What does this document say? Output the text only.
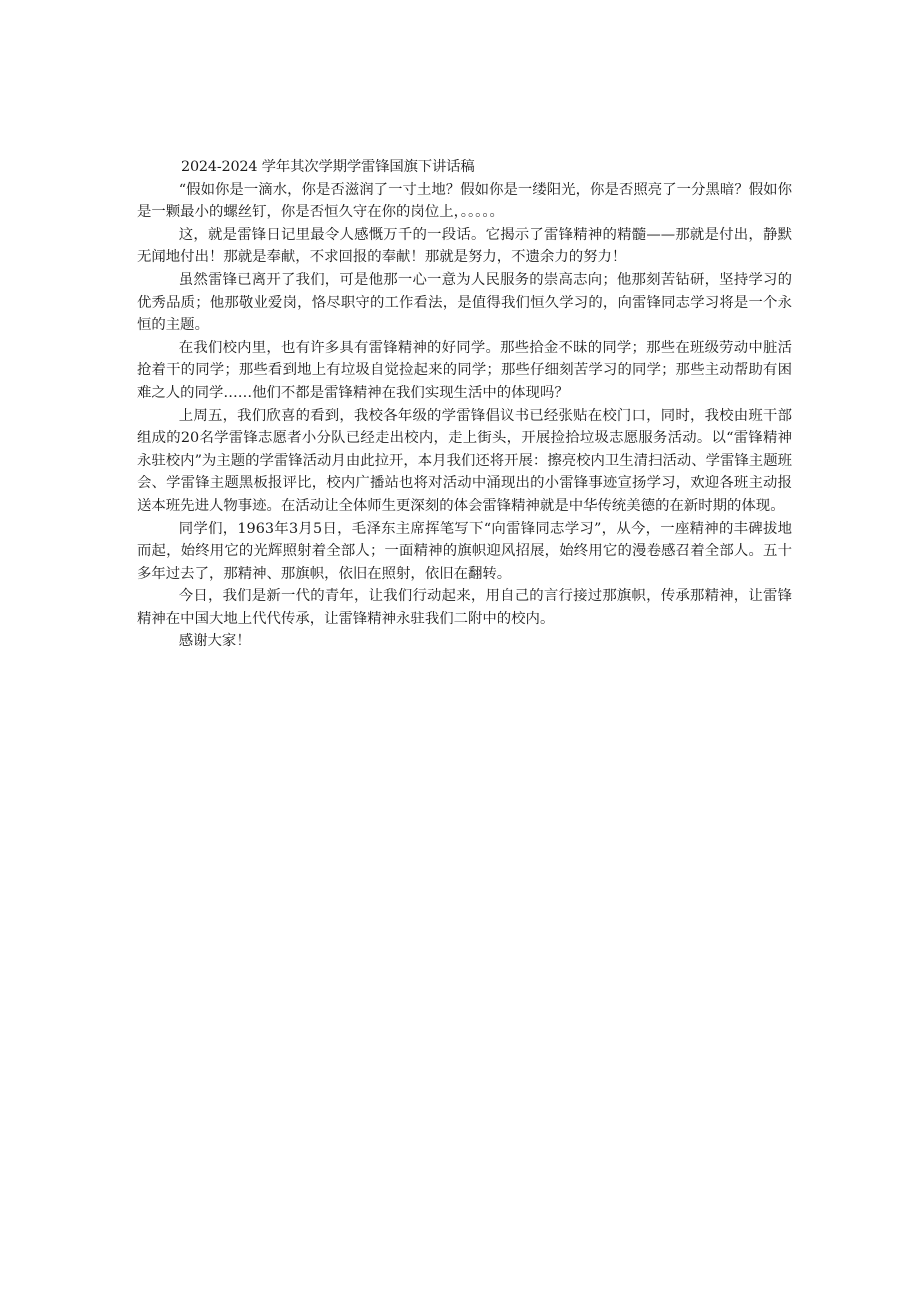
2024-2024 学年其次学期学雷锋国旗下讲话稿

“假如你是一滴水，你是否滋润了一寸土地？假如你是一缕阳光，你是否照亮了一分黑暗？假如你是一颗最小的螺丝钉，你是否恒久守在你的岗位上，。。。。。

这，就是雷锋日记里最令人感慨万千的一段话。它揭示了雷锋精神的精髓——那就是付出，静默无闻地付出！那就是奉献，不求回报的奉献！那就是努力，不遗余力的努力！

虽然雷锋已离开了我们，可是他那一心一意为人民服务的崇高志向；他那刻苦钻研，坚持学习的优秀品质；他那敬业爱岗，恪尽职守的工作看法，是值得我们恒久学习的，向雷锋同志学习将是一个永恒的主题。

在我们校内里，也有许多具有雷锋精神的好同学。那些拾金不昧的同学；那些在班级劳动中脏活抢着干的同学；那些看到地上有垃圾自觉捡起来的同学；那些仔细刻苦学习的同学；那些主动帮助有困难之人的同学……他们不都是雷锋精神在我们实现生活中的体现吗？

上周五，我们欣喜的看到，我校各年级的学雷锋倡议书已经张贴在校门口，同时，我校由班干部组成的20名学雷锋志愿者小分队已经走出校内，走上街头，开展捡拾垃圾志愿服务活动。以“雷锋精神永驻校内”为主题的学雷锋活动月由此拉开，本月我们还将开展：擦亮校内卫生清扫活动、学雷锋主题班会、学雷锋主题黑板报评比，校内广播站也将对活动中涌现出的小雷锋事迹宣扬学习，欢迎各班主动报送本班先进人物事迹。在活动让全体师生更深刻的体会雷锋精神就是中华传统美德的在新时期的体现。

同学们，1963年3月5日，毛泽东主席挥笔写下“向雷锋同志学习”，从今，一座精神的丰碑拔地而起，始终用它的光辉照射着全部人；一面精神的旗帜迎风招展，始终用它的漫卷感召着全部人。五十多年过去了，那精神、那旗帜，依旧在照射，依旧在翻转。

今日，我们是新一代的青年，让我们行动起来，用自己的言行接过那旗帜，传承那精神，让雷锋精神在中国大地上代代传承，让雷锋精神永驻我们二附中的校内。

感谢大家！
